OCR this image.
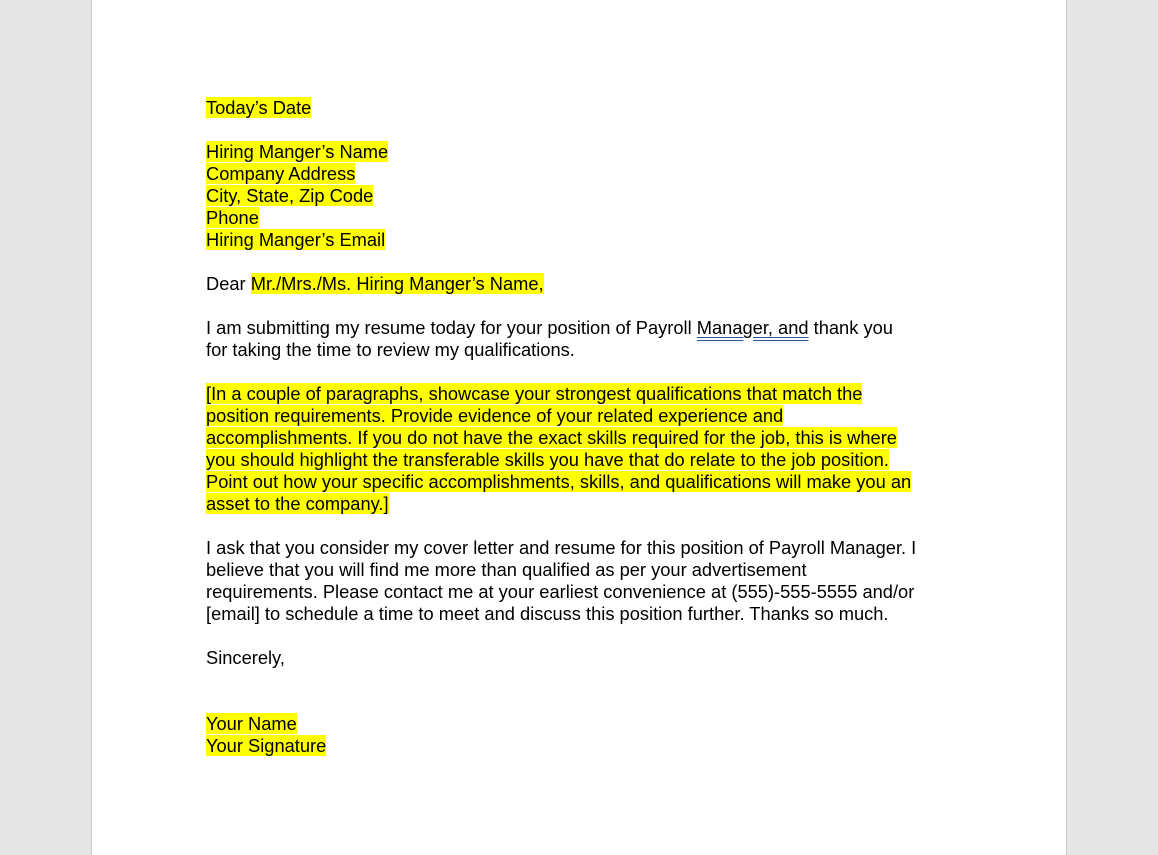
Today’s Date
Hiring Manger’s Name
Company Address
City, State, Zip Code
Phone
Hiring Manger’s Email
Dear Mr./Mrs./Ms. Hiring Manger’s Name,
I am submitting my resume today for your position of Payroll Manager, and thank you
for taking the time to review my qualifications.
[In a couple of paragraphs, showcase your strongest qualifications that match the
position requirements. Provide evidence of your related experience and
accomplishments. If you do not have the exact skills required for the job, this is where
you should highlight the transferable skills you have that do relate to the job position.
Point out how your specific accomplishments, skills, and qualifications will make you an
asset to the company.]
I ask that you consider my cover letter and resume for this position of Payroll Manager. I
believe that you will find me more than qualified as per your advertisement
requirements. Please contact me at your earliest convenience at (555)-555-5555 and/or
[email] to schedule a time to meet and discuss this position further. Thanks so much.
Sincerely,
Your Name
Your Signature
